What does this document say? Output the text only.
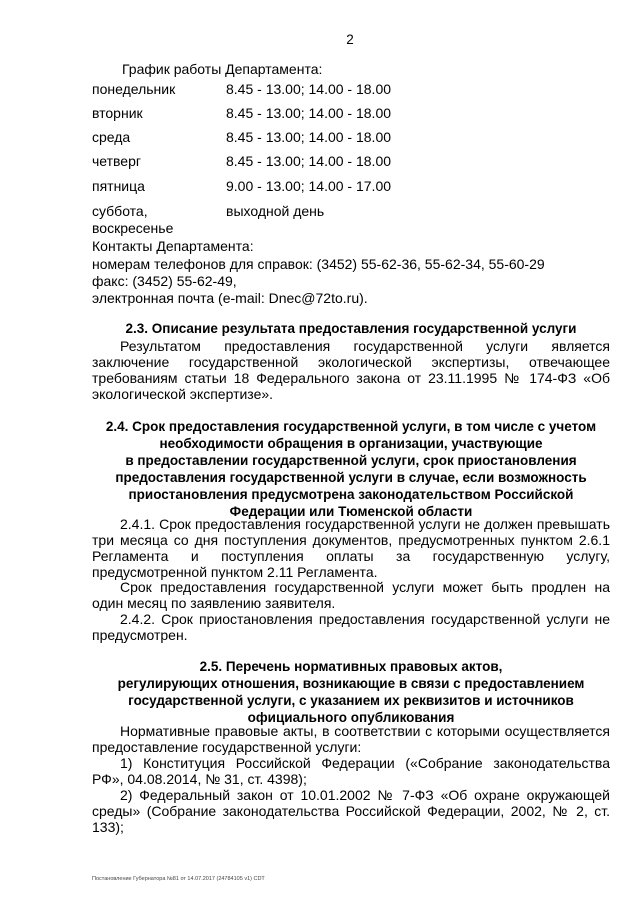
2
График работы Департамента:
понедельник	8.45 - 13.00; 14.00 - 18.00
вторник	8.45 - 13.00; 14.00 - 18.00
среда	8.45 - 13.00; 14.00 - 18.00
четверг	8.45 - 13.00; 14.00 - 18.00
пятница	9.00 - 13.00; 14.00 - 17.00
суббота,	выходной день
воскресенье
Контакты Департамента:
номерам телефонов для справок: (3452) 55-62-36, 55-62-34, 55-60-29
факс: (3452) 55-62-49,
электронная почта (e-mail: Dnec@72to.ru).
2.3. Описание результата предоставления государственной услуги
Результатом предоставления государственной услуги является заключение государственной экологической экспертизы, отвечающее требованиям статьи 18 Федерального закона от 23.11.1995 № 174-ФЗ «Об экологической экспертизе».
2.4. Срок предоставления государственной услуги, в том числе с учетом
необходимости обращения в организации, участвующие
в предоставлении государственной услуги, срок приостановления
предоставления государственной услуги в случае, если возможность
приостановления предусмотрена законодательством Российской
Федерации или Тюменской области
2.4.1. Срок предоставления государственной услуги не должен превышать три месяца со дня поступления документов, предусмотренных пунктом 2.6.1 Регламента и поступления оплаты за государственную услугу, предусмотренной пунктом 2.11 Регламента.
Срок предоставления государственной услуги может быть продлен на один месяц по заявлению заявителя.
2.4.2. Срок приостановления предоставления государственной услуги не предусмотрен.
2.5. Перечень нормативных правовых актов,
регулирующих отношения, возникающие в связи с предоставлением
государственной услуги, с указанием их реквизитов и источников
официального опубликования
Нормативные правовые акты, в соответствии с которыми осуществляется предоставление государственной услуги:
1) Конституция Российской Федерации («Собрание законодательства РФ», 04.08.2014, № 31, ст. 4398);
2) Федеральный закон от 10.01.2002 № 7-ФЗ «Об охране окружающей среды» (Собрание законодательства Российской Федерации, 2002, № 2, ст. 133);
Постановление Губернатора №81 от 14.07.2017 (24784105 v1) CDT
